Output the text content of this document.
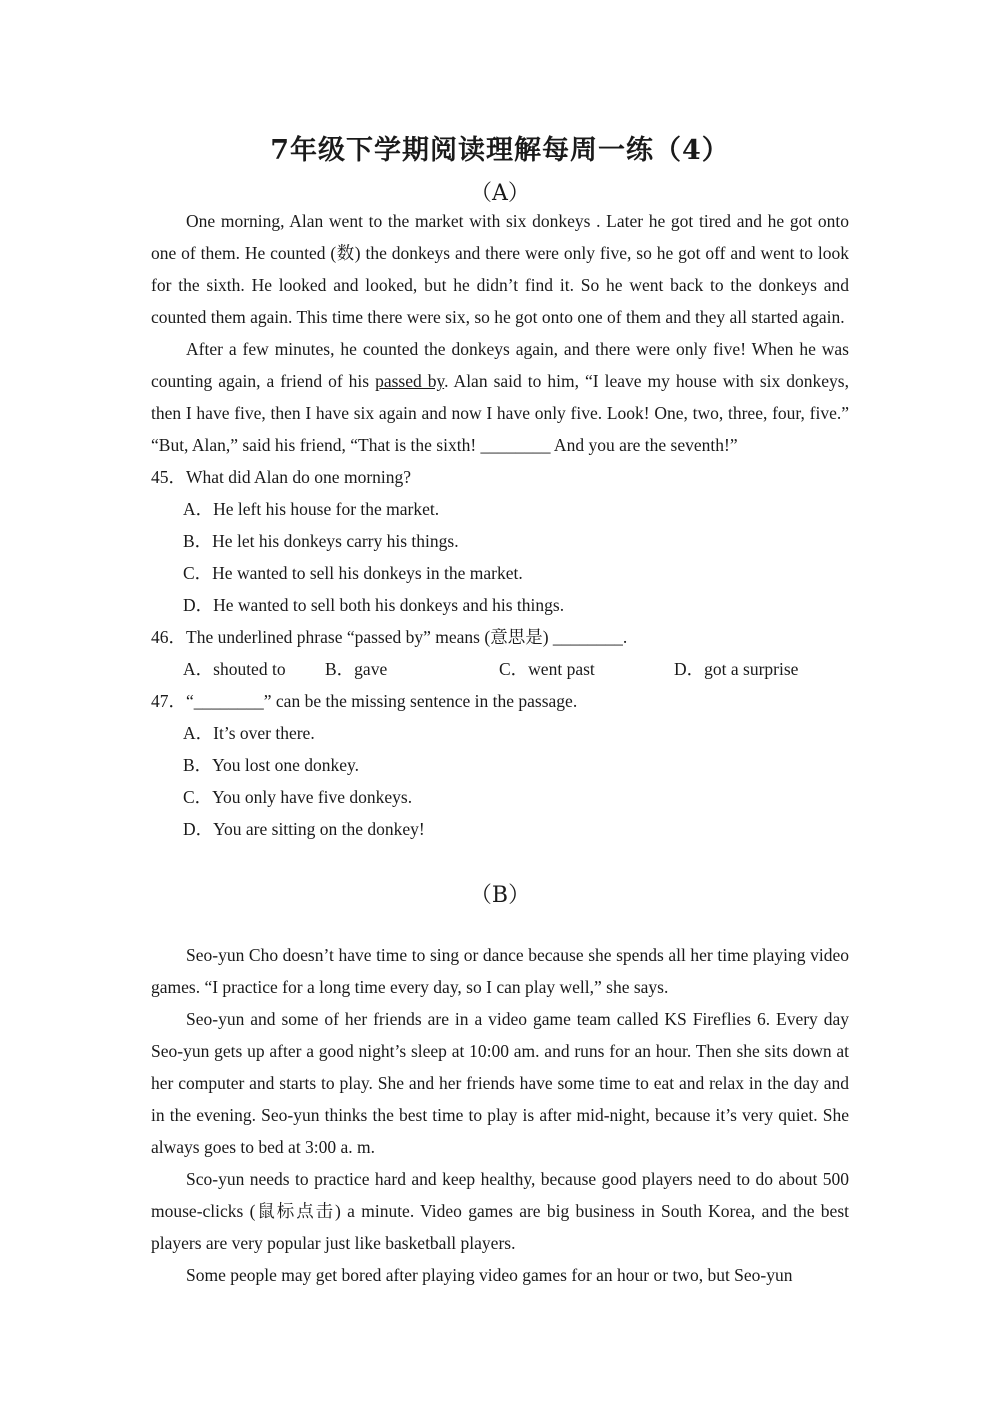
7年级下学期阅读理解每周一练（4）
（A）

One morning, Alan went to the market with six donkeys . Later he got tired and he got onto one of them. He counted (数) the donkeys and there were only five, so he got off and went to look for the sixth. He looked and looked, but he didn’t find it. So he went back to the donkeys and counted them again. This time there were six, so he got onto one of them and they all started again.

After a few minutes, he counted the donkeys again, and there were only five! When he was counting again, a friend of his passed by. Alan said to him, “I leave my house with six donkeys, then I have five, then I have six again and now I have only five. Look! One, two, three, four, five.” “But, Alan,” said his friend, “That is the sixth! ________ And you are the seventh!”

45．What did Alan do one morning?

A．He left his house for the market.

B．He let his donkeys carry his things.

C．He wanted to sell his donkeys in the market.

D．He wanted to sell both his donkeys and his things.

46．The underlined phrase “passed by” means (意思是) ________.

A．shouted to	B．gave	C．went past	D．got a surprise

47．“________” can be the missing sentence in the passage.

A．It’s over there.

B．You lost one donkey.

C．You only have five donkeys.

D．You are sitting on the donkey!

（B）

Seo-yun Cho doesn’t have time to sing or dance because she spends all her time playing video games. “I practice for a long time every day, so I can play well,” she says.

Seo-yun and some of her friends are in a video game team called KS Fireflies 6. Every day Seo-yun gets up after a good night’s sleep at 10:00 am. and runs for an hour. Then she sits down at her computer and starts to play. She and her friends have some time to eat and relax in the day and in the evening. Seo-yun thinks the best time to play is after mid-night, because it’s very quiet. She always goes to bed at 3:00 a. m.

Sco-yun needs to practice hard and keep healthy, because good players need to do about 500 mouse-clicks (鼠标点击) a minute. Video games are big business in South Korea, and the best players are very popular just like basketball players.

Some people may get bored after playing video games for an hour or two, but Seo-yun
